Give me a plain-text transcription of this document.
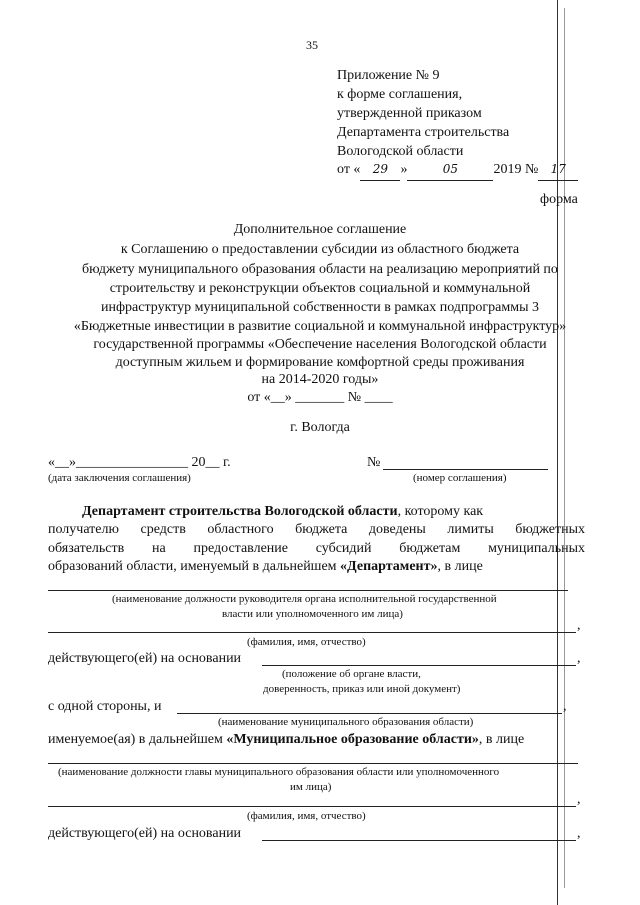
35
Приложение № 9
к форме соглашения,
утвержденной приказом
Департамента строительства
Вологодской области
от « 29 »	05	2019 № 17
форма
Дополнительное соглашение
к Соглашению о предоставлении субсидии из областного бюджета
бюджету муниципального образования области на реализацию мероприятий по
строительству и реконструкции объектов социальной и коммунальной
инфраструктур муниципальной собственности в рамках подпрограммы 3
«Бюджетные инвестиции в развитие социальной и коммунальной инфраструктур»
государственной программы «Обеспечение населения Вологодской области
доступным жильем и формирование комфортной среды проживания
на 2014-2020 годы»
от «__» _______ № ____
г. Вологда
«__»________________ 20__ г.
(дата заключения соглашения)
№
(номер соглашения)
Департамент строительства Вологодской области, которому как
получателю средств областного бюджета доведены лимиты бюджетных
обязательств на предоставление субсидий бюджетам муниципальных
образований области, именуемый в дальнейшем «Департамент», в лице
(наименование должности руководителя органа исполнительной государственной
власти или уполномоченного им лица)
,
(фамилия, имя, отчество)
действующего(ей) на основании	,
(положение об органе власти,
доверенность, приказ или иной документ)
с одной стороны, и	,
(наименование муниципального образования области)
именуемое(ая) в дальнейшем «Муниципальное образование области», в лице
(наименование должности главы муниципального образования области или уполномоченного
им лица)
,
(фамилия, имя, отчество)
действующего(ей) на основании	,
